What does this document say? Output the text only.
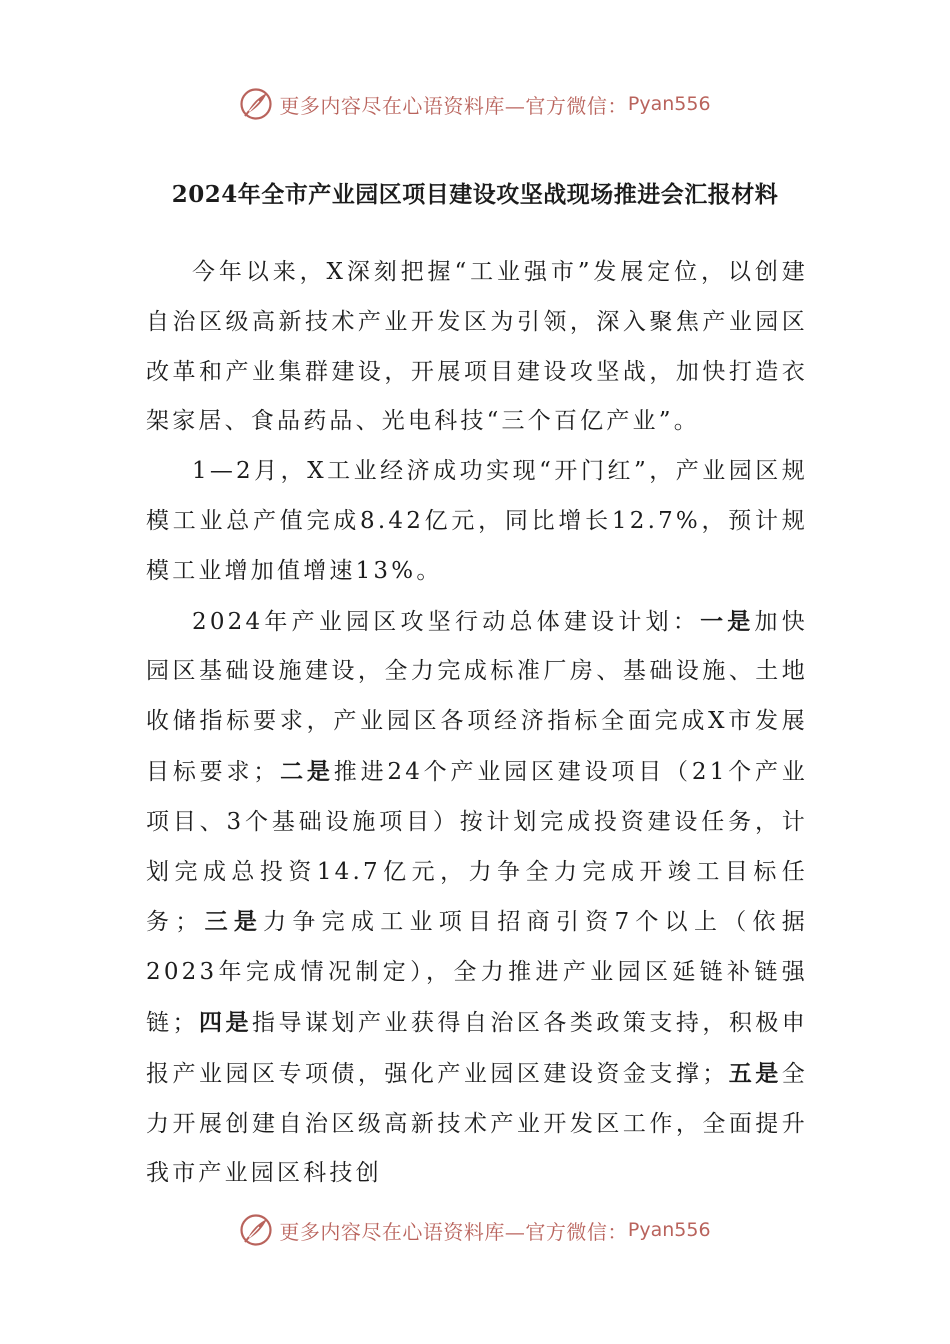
更多内容尽在心语资料库—官方微信： Pyan556
2024年全市产业园区项目建设攻坚战现场推进会汇报材料

今年以来，X深刻把握“工业强市”发展定位，以创建自治区级高新技术产业开发区为引领，深入聚焦产业园区改革和产业集群建设，开展项目建设攻坚战，加快打造衣架家居、食品药品、光电科技“三个百亿产业”。

1—2月，X工业经济成功实现“开门红”，产业园区规模工业总产值完成8.42亿元，同比增长12.7%，预计规模工业增加值增速13%。

2024年产业园区攻坚行动总体建设计划：一是加快园区基础设施建设，全力完成标准厂房、基础设施、土地收储指标要求，产业园区各项经济指标全面完成X市发展目标要求；二是推进24个产业园区建设项目（21个产业项目、3个基础设施项目）按计划完成投资建设任务，计划完成总投资14.7亿元，力争全力完成开竣工目标任务；三是力争完成工业项目招商引资7个以上（依据2023年完成情况制定），全力推进产业园区延链补链强链；四是指导谋划产业获得自治区各类政策支持，积极申报产业园区专项债，强化产业园区建设资金支撑；五是全力开展创建自治区级高新技术产业开发区工作，全面提升我市产业园区科技创

更多内容尽在心语资料库—官方微信： Pyan556
